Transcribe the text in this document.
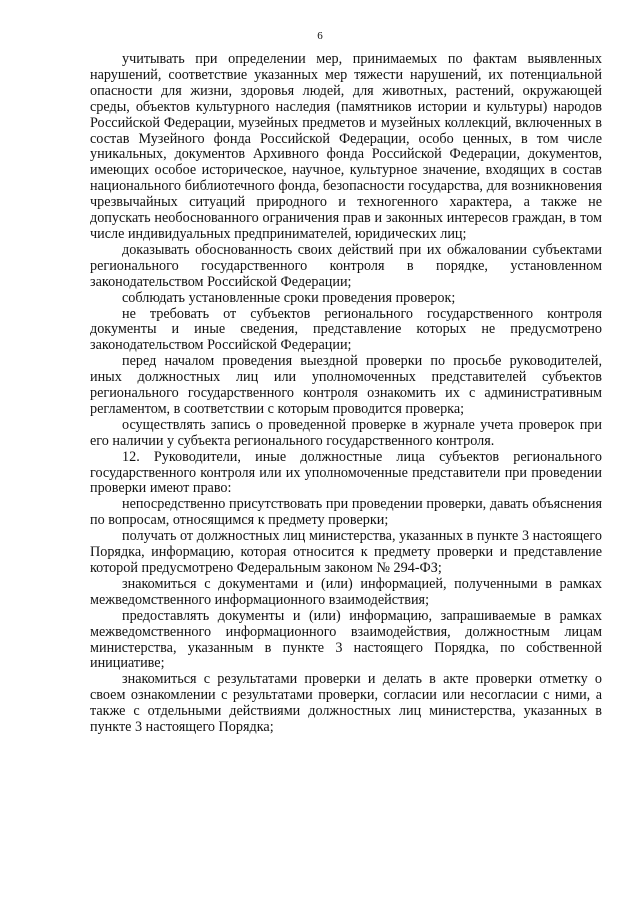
6

учитывать при определении мер, принимаемых по фактам выявленных нарушений, соответствие указанных мер тяжести нарушений, их потенциальной опасности для жизни, здоровья людей, для животных, растений, окружающей среды, объектов культурного наследия (памятников истории и культуры) народов Российской Федерации, музейных предметов и музейных коллекций, включенных в состав Музейного фонда Российской Федерации, особо ценных, в том числе уникальных, документов Архивного фонда Российской Федерации, документов, имеющих особое историческое, научное, культурное значение, входящих в состав национального библиотечного фонда, безопасности государства, для возникновения чрезвычайных ситуаций природного и техногенного характера, а также не допускать необоснованного ограничения прав и законных интересов граждан, в том числе индивидуальных предпринимателей, юридических лиц;

доказывать обоснованность своих действий при их обжаловании субъектами регионального государственного контроля в порядке, установленном законодательством Российской Федерации;

соблюдать установленные сроки проведения проверок;

не требовать от субъектов регионального государственного контроля документы и иные сведения, представление которых не предусмотрено законодательством Российской Федерации;

перед началом проведения выездной проверки по просьбе руководителей, иных должностных лиц или уполномоченных представителей субъектов регионального государственного контроля ознакомить их с административным регламентом, в соответствии с которым проводится проверка;

осуществлять запись о проведенной проверке в журнале учета проверок при его наличии у субъекта регионального государственного контроля.

12. Руководители, иные должностные лица субъектов регионального государственного контроля или их уполномоченные представители при проведении проверки имеют право:

непосредственно присутствовать при проведении проверки, давать объяснения по вопросам, относящимся к предмету проверки;

получать от должностных лиц министерства, указанных в пункте 3 настоящего Порядка, информацию, которая относится к предмету проверки и представление которой предусмотрено Федеральным законом № 294-ФЗ;

знакомиться с документами и (или) информацией, полученными в рамках межведомственного информационного взаимодействия;

предоставлять документы и (или) информацию, запрашиваемые в рамках межведомственного информационного взаимодействия, должностным лицам министерства, указанным в пункте 3 настоящего Порядка, по собственной инициативе;

знакомиться с результатами проверки и делать в акте проверки отметку о своем ознакомлении с результатами проверки, согласии или несогласии с ними, а также с отдельными действиями должностных лиц министерства, указанных в пункте 3 настоящего Порядка;
